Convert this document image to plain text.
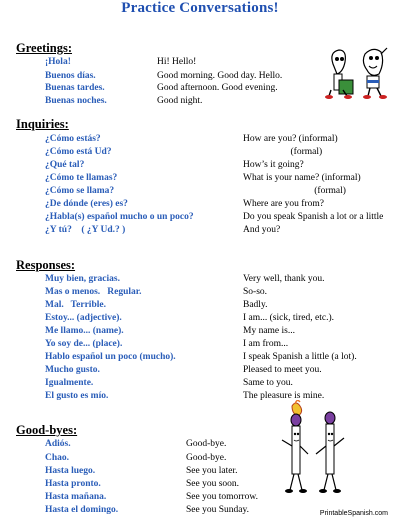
Practice Conversations!
Greetings:
¡Hola!	Hi! Hello!
Buenos días.	Good morning. Good day. Hello.
Buenas tardes.	Good afternoon. Good evening.
Buenas noches.	Good night.
Inquiries:
¿Cómo estás?	How are you? (informal)
¿Cómo está Ud?	(formal)
¿Qué tal?	How’s it going?
¿Cómo te llamas?	What is your name? (informal)
¿Cómo se llama?	(formal)
¿De dónde (eres) es?	Where are you from?
¿Habla(s) español mucho o un poco?	Do you speak Spanish a lot or a little
¿Y tú?    ( ¿Y Ud.? )	And you?
Responses:
Muy bien, gracias.	Very well, thank you.
Mas o menos.   Regular.	So-so.
Mal.   Terrible.	Badly.
Estoy... (adjective).	I am... (sick, tired, etc.).
Me llamo... (name).	My name is...
Yo soy de... (place).	I am from...
Hablo español un poco (mucho).	I speak Spanish a little (a lot).
Mucho gusto.	Pleased to meet you.
Igualmente.	Same to you.
El gusto es mío.	The pleasure is mine.
Good-byes:
Adiós.	Good-bye.
Chao.	Good-bye.
Hasta luego.	See you later.
Hasta pronto.	See you soon.
Hasta mañana.	See you tomorrow.
Hasta el domingo.	See you Sunday.	PrintableSpanish.com
